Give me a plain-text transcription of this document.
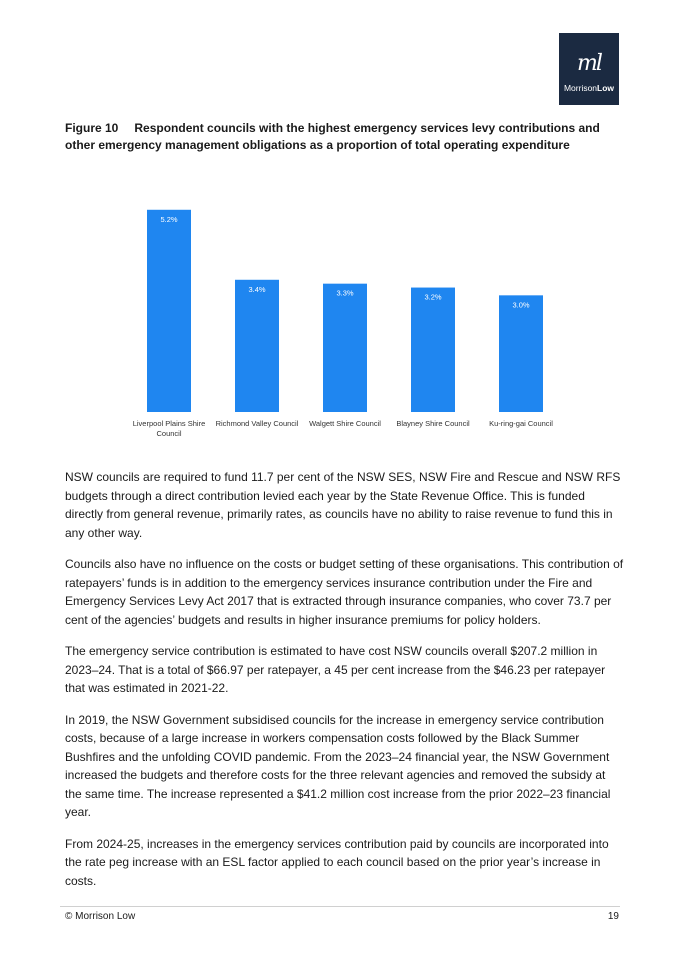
ml
MorrisonLow
Figure 10 Respondent councils with the highest emergency services levy contributions and other emergency management obligations as a proportion of total operating expenditure
5.2%
Liverpool Plains Shire Council
3.4%
Richmond Valley Council
3.3%
Walgett Shire Council
3.2%
Blayney Shire Council
3.0%
Ku-ring-gai Council

NSW councils are required to fund 11.7 per cent of the NSW SES, NSW Fire and Rescue and NSW RFS budgets through a direct contribution levied each year by the State Revenue Office. This is funded directly from general revenue, primarily rates, as councils have no ability to raise revenue to fund this in any other way.

Councils also have no influence on the costs or budget setting of these organisations. This contribution of ratepayers’ funds is in addition to the emergency services insurance contribution under the Fire and Emergency Services Levy Act 2017 that is extracted through insurance companies, who cover 73.7 per cent of the agencies’ budgets and results in higher insurance premiums for policy holders.

The emergency service contribution is estimated to have cost NSW councils overall $207.2 million in 2023–24. That is a total of $66.97 per ratepayer, a 45 per cent increase from the $46.23 per ratepayer that was estimated in 2021-22.

In 2019, the NSW Government subsidised councils for the increase in emergency service contribution costs, because of a large increase in workers compensation costs followed by the Black Summer Bushfires and the unfolding COVID pandemic. From the 2023–24 financial year, the NSW Government increased the budgets and therefore costs for the three relevant agencies and removed the subsidy at the same time. The increase represented a $41.2 million cost increase from the prior 2022–23 financial year.

From 2024-25, increases in the emergency services contribution paid by councils are incorporated into the rate peg increase with an ESL factor applied to each council based on the prior year’s increase in costs.

© Morrison Low	19
